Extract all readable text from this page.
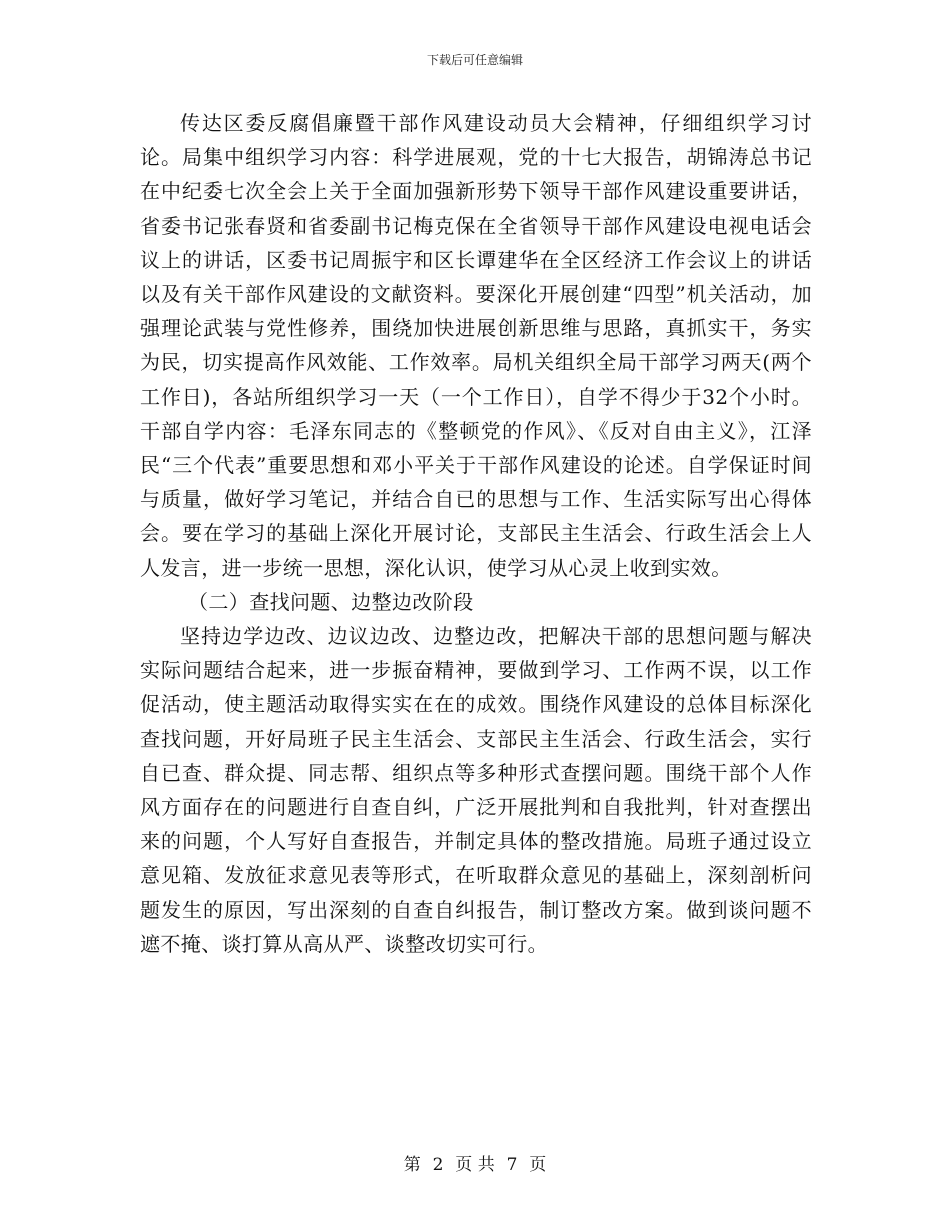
下载后可任意编辑

传达区委反腐倡廉暨干部作风建设动员大会精神，仔细组织学习讨论。局集中组织学习内容：科学进展观，党的十七大报告，胡锦涛总书记在中纪委七次全会上关于全面加强新形势下领导干部作风建设重要讲话，省委书记张春贤和省委副书记梅克保在全省领导干部作风建设电视电话会议上的讲话，区委书记周振宇和区长谭建华在全区经济工作会议上的讲话以及有关干部作风建设的文献资料。要深化开展创建“四型”机关活动，加强理论武装与党性修养，围绕加快进展创新思维与思路，真抓实干，务实为民，切实提高作风效能、工作效率。局机关组织全局干部学习两天(两个工作日)，各站所组织学习一天（一个工作日），自学不得少于32个小时。干部自学内容：毛泽东同志的《整顿党的作风》、《反对自由主义》，江泽民“三个代表”重要思想和邓小平关于干部作风建设的论述。自学保证时间与质量，做好学习笔记，并结合自已的思想与工作、生活实际写出心得体会。要在学习的基础上深化开展讨论，支部民主生活会、行政生活会上人人发言，进一步统一思想，深化认识，使学习从心灵上收到实效。

（二）查找问题、边整边改阶段

坚持边学边改、边议边改、边整边改，把解决干部的思想问题与解决实际问题结合起来，进一步振奋精神，要做到学习、工作两不误，以工作促活动，使主题活动取得实实在在的成效。围绕作风建设的总体目标深化查找问题，开好局班子民主生活会、支部民主生活会、行政生活会，实行自已查、群众提、同志帮、组织点等多种形式查摆问题。围绕干部个人作风方面存在的问题进行自查自纠，广泛开展批判和自我批判，针对查摆出来的问题，个人写好自查报告，并制定具体的整改措施。局班子通过设立意见箱、发放征求意见表等形式，在听取群众意见的基础上，深刻剖析问题发生的原因，写出深刻的自查自纠报告，制订整改方案。做到谈问题不遮不掩、谈打算从高从严、谈整改切实可行。

第 2 页 共 7 页
